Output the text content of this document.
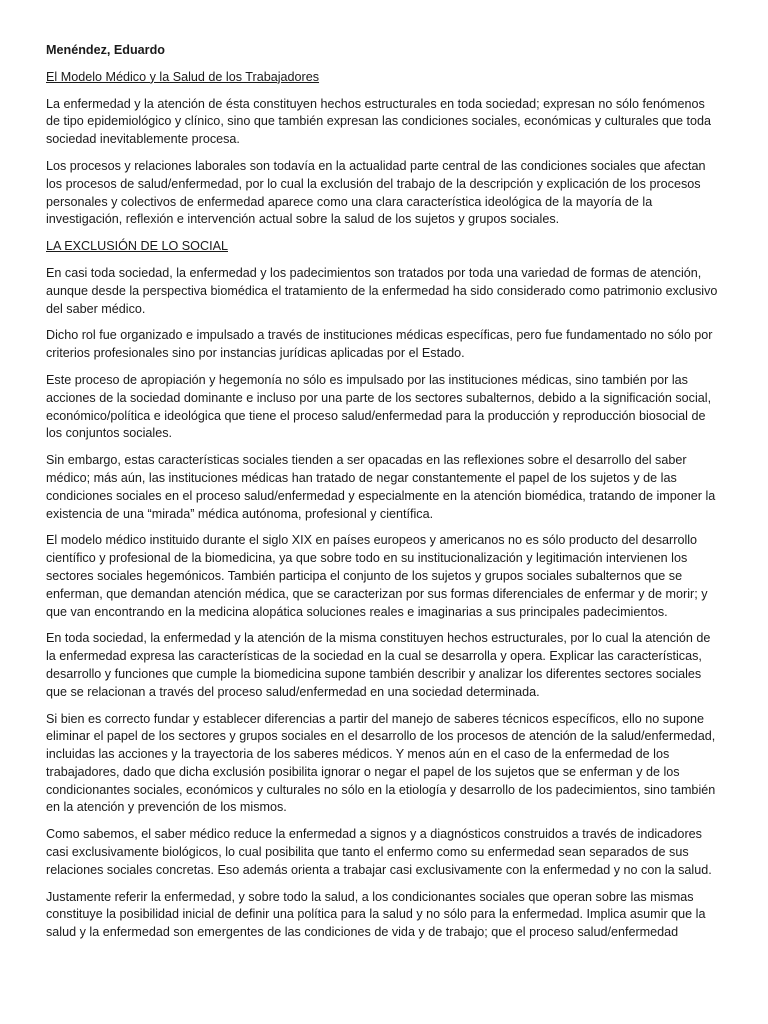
Menéndez, Eduardo
El Modelo Médico y la Salud de los Trabajadores

La enfermedad y la atención de ésta constituyen hechos estructurales en toda sociedad; expresan no sólo fenómenos de tipo epidemiológico y clínico, sino que también expresan las condiciones sociales, económicas y culturales que toda sociedad inevitablemente procesa.

Los procesos y relaciones laborales son todavía en la actualidad parte central de las condiciones sociales que afectan los procesos de salud/enfermedad, por lo cual la exclusión del trabajo de la descripción y explicación de los procesos personales y colectivos de enfermedad aparece como una clara característica ideológica de la mayoría de la investigación, reflexión e intervención actual sobre la salud de los sujetos y grupos sociales.

LA EXCLUSIÓN DE LO SOCIAL

En casi toda sociedad, la enfermedad y los padecimientos son tratados por toda una variedad de formas de atención, aunque desde la perspectiva biomédica el tratamiento de la enfermedad ha sido considerado como patrimonio exclusivo del saber médico.

Dicho rol fue organizado e impulsado a través de instituciones médicas específicas, pero fue fundamentado no sólo por criterios profesionales sino por instancias jurídicas aplicadas por el Estado.

Este proceso de apropiación y hegemonía no sólo es impulsado por las instituciones médicas, sino también por las acciones de la sociedad dominante e incluso por una parte de los sectores subalternos, debido a la significación social, económico/política e ideológica que tiene el proceso salud/enfermedad para la producción y reproducción biosocial de los conjuntos sociales.

Sin embargo, estas características sociales tienden a ser opacadas en las reflexiones sobre el desarrollo del saber médico; más aún, las instituciones médicas han tratado de negar constantemente el papel de los sujetos y de las condiciones sociales en el proceso salud/enfermedad y especialmente en la atención biomédica, tratando de imponer la existencia de una “mirada” médica autónoma, profesional y científica.

El modelo médico instituido durante el siglo XIX en países europeos y americanos no es sólo producto del desarrollo científico y profesional de la biomedicina, ya que sobre todo en su institucionalización y legitimación intervienen los sectores sociales hegemónicos. También participa el conjunto de los sujetos y grupos sociales subalternos que se enferman, que demandan atención médica, que se caracterizan por sus formas diferenciales de enfermar y de morir; y que van encontrando en la medicina alopática soluciones reales e imaginarias a sus principales padecimientos.

En toda sociedad, la enfermedad y la atención de la misma constituyen hechos estructurales, por lo cual la atención de la enfermedad expresa las características de la sociedad en la cual se desarrolla y opera. Explicar las características, desarrollo y funciones que cumple la biomedicina supone también describir y analizar los diferentes sectores sociales que se relacionan a través del proceso salud/enfermedad en una sociedad determinada.

Si bien es correcto fundar y establecer diferencias a partir del manejo de saberes técnicos específicos, ello no supone eliminar el papel de los sectores y grupos sociales en el desarrollo de los procesos de atención de la salud/enfermedad, incluidas las acciones y la trayectoria de los saberes médicos. Y menos aún en el caso de la enfermedad de los trabajadores, dado que dicha exclusión posibilita ignorar o negar el papel de los sujetos que se enferman y de los condicionantes sociales, económicos y culturales no sólo en la etiología y desarrollo de los padecimientos, sino también en la atención y prevención de los mismos.

Como sabemos, el saber médico reduce la enfermedad a signos y a diagnósticos construidos a través de indicadores casi exclusivamente biológicos, lo cual posibilita que tanto el enfermo como su enfermedad sean separados de sus relaciones sociales concretas. Eso además orienta a trabajar casi exclusivamente con la enfermedad y no con la salud.

Justamente referir la enfermedad, y sobre todo la salud, a los condicionantes sociales que operan sobre las mismas constituye la posibilidad inicial de definir una política para la salud y no sólo para la enfermedad. Implica asumir que la salud y la enfermedad son emergentes de las condiciones de vida y de trabajo; que el proceso salud/enfermedad
